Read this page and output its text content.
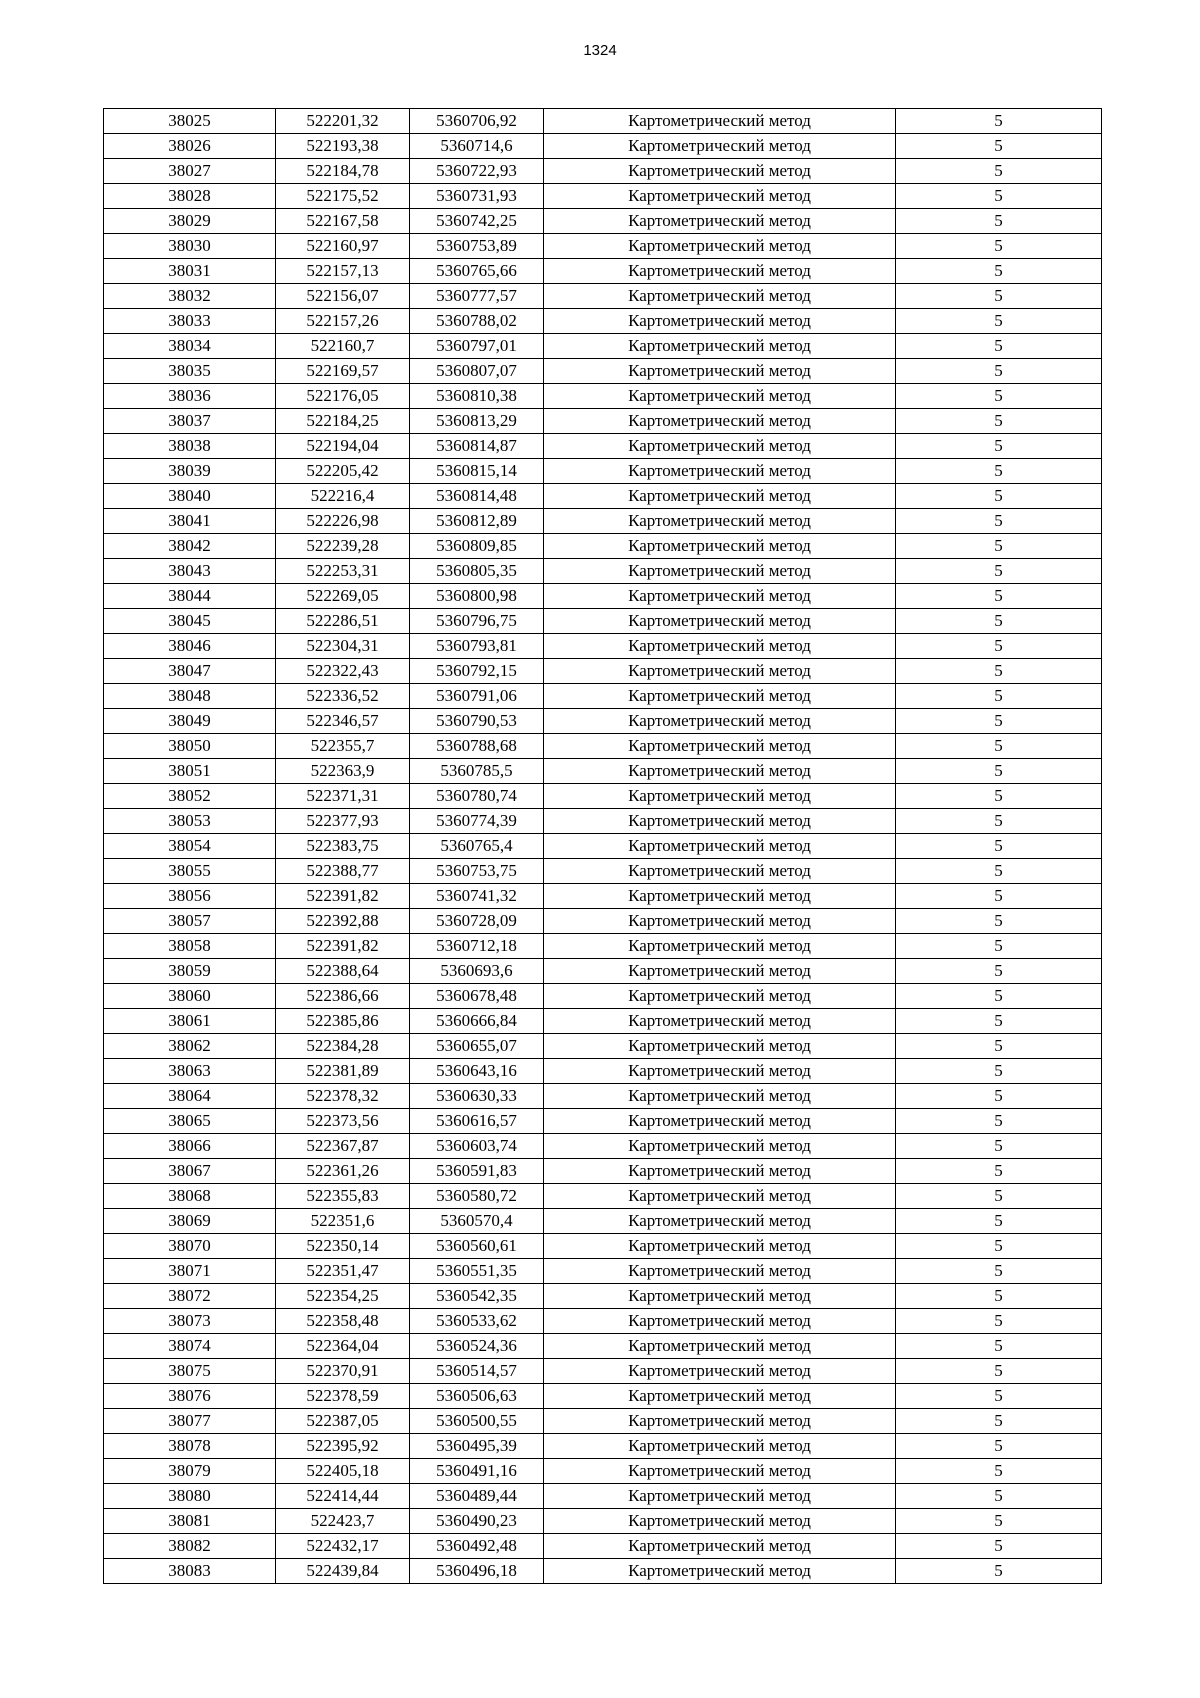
1324
38025	522201,32	5360706,92	Картометрический метод	5
38026	522193,38	5360714,6	Картометрический метод	5
38027	522184,78	5360722,93	Картометрический метод	5
38028	522175,52	5360731,93	Картометрический метод	5
38029	522167,58	5360742,25	Картометрический метод	5
38030	522160,97	5360753,89	Картометрический метод	5
38031	522157,13	5360765,66	Картометрический метод	5
38032	522156,07	5360777,57	Картометрический метод	5
38033	522157,26	5360788,02	Картометрический метод	5
38034	522160,7	5360797,01	Картометрический метод	5
38035	522169,57	5360807,07	Картометрический метод	5
38036	522176,05	5360810,38	Картометрический метод	5
38037	522184,25	5360813,29	Картометрический метод	5
38038	522194,04	5360814,87	Картометрический метод	5
38039	522205,42	5360815,14	Картометрический метод	5
38040	522216,4	5360814,48	Картометрический метод	5
38041	522226,98	5360812,89	Картометрический метод	5
38042	522239,28	5360809,85	Картометрический метод	5
38043	522253,31	5360805,35	Картометрический метод	5
38044	522269,05	5360800,98	Картометрический метод	5
38045	522286,51	5360796,75	Картометрический метод	5
38046	522304,31	5360793,81	Картометрический метод	5
38047	522322,43	5360792,15	Картометрический метод	5
38048	522336,52	5360791,06	Картометрический метод	5
38049	522346,57	5360790,53	Картометрический метод	5
38050	522355,7	5360788,68	Картометрический метод	5
38051	522363,9	5360785,5	Картометрический метод	5
38052	522371,31	5360780,74	Картометрический метод	5
38053	522377,93	5360774,39	Картометрический метод	5
38054	522383,75	5360765,4	Картометрический метод	5
38055	522388,77	5360753,75	Картометрический метод	5
38056	522391,82	5360741,32	Картометрический метод	5
38057	522392,88	5360728,09	Картометрический метод	5
38058	522391,82	5360712,18	Картометрический метод	5
38059	522388,64	5360693,6	Картометрический метод	5
38060	522386,66	5360678,48	Картометрический метод	5
38061	522385,86	5360666,84	Картометрический метод	5
38062	522384,28	5360655,07	Картометрический метод	5
38063	522381,89	5360643,16	Картометрический метод	5
38064	522378,32	5360630,33	Картометрический метод	5
38065	522373,56	5360616,57	Картометрический метод	5
38066	522367,87	5360603,74	Картометрический метод	5
38067	522361,26	5360591,83	Картометрический метод	5
38068	522355,83	5360580,72	Картометрический метод	5
38069	522351,6	5360570,4	Картометрический метод	5
38070	522350,14	5360560,61	Картометрический метод	5
38071	522351,47	5360551,35	Картометрический метод	5
38072	522354,25	5360542,35	Картометрический метод	5
38073	522358,48	5360533,62	Картометрический метод	5
38074	522364,04	5360524,36	Картометрический метод	5
38075	522370,91	5360514,57	Картометрический метод	5
38076	522378,59	5360506,63	Картометрический метод	5
38077	522387,05	5360500,55	Картометрический метод	5
38078	522395,92	5360495,39	Картометрический метод	5
38079	522405,18	5360491,16	Картометрический метод	5
38080	522414,44	5360489,44	Картометрический метод	5
38081	522423,7	5360490,23	Картометрический метод	5
38082	522432,17	5360492,48	Картометрический метод	5
38083	522439,84	5360496,18	Картометрический метод	5
